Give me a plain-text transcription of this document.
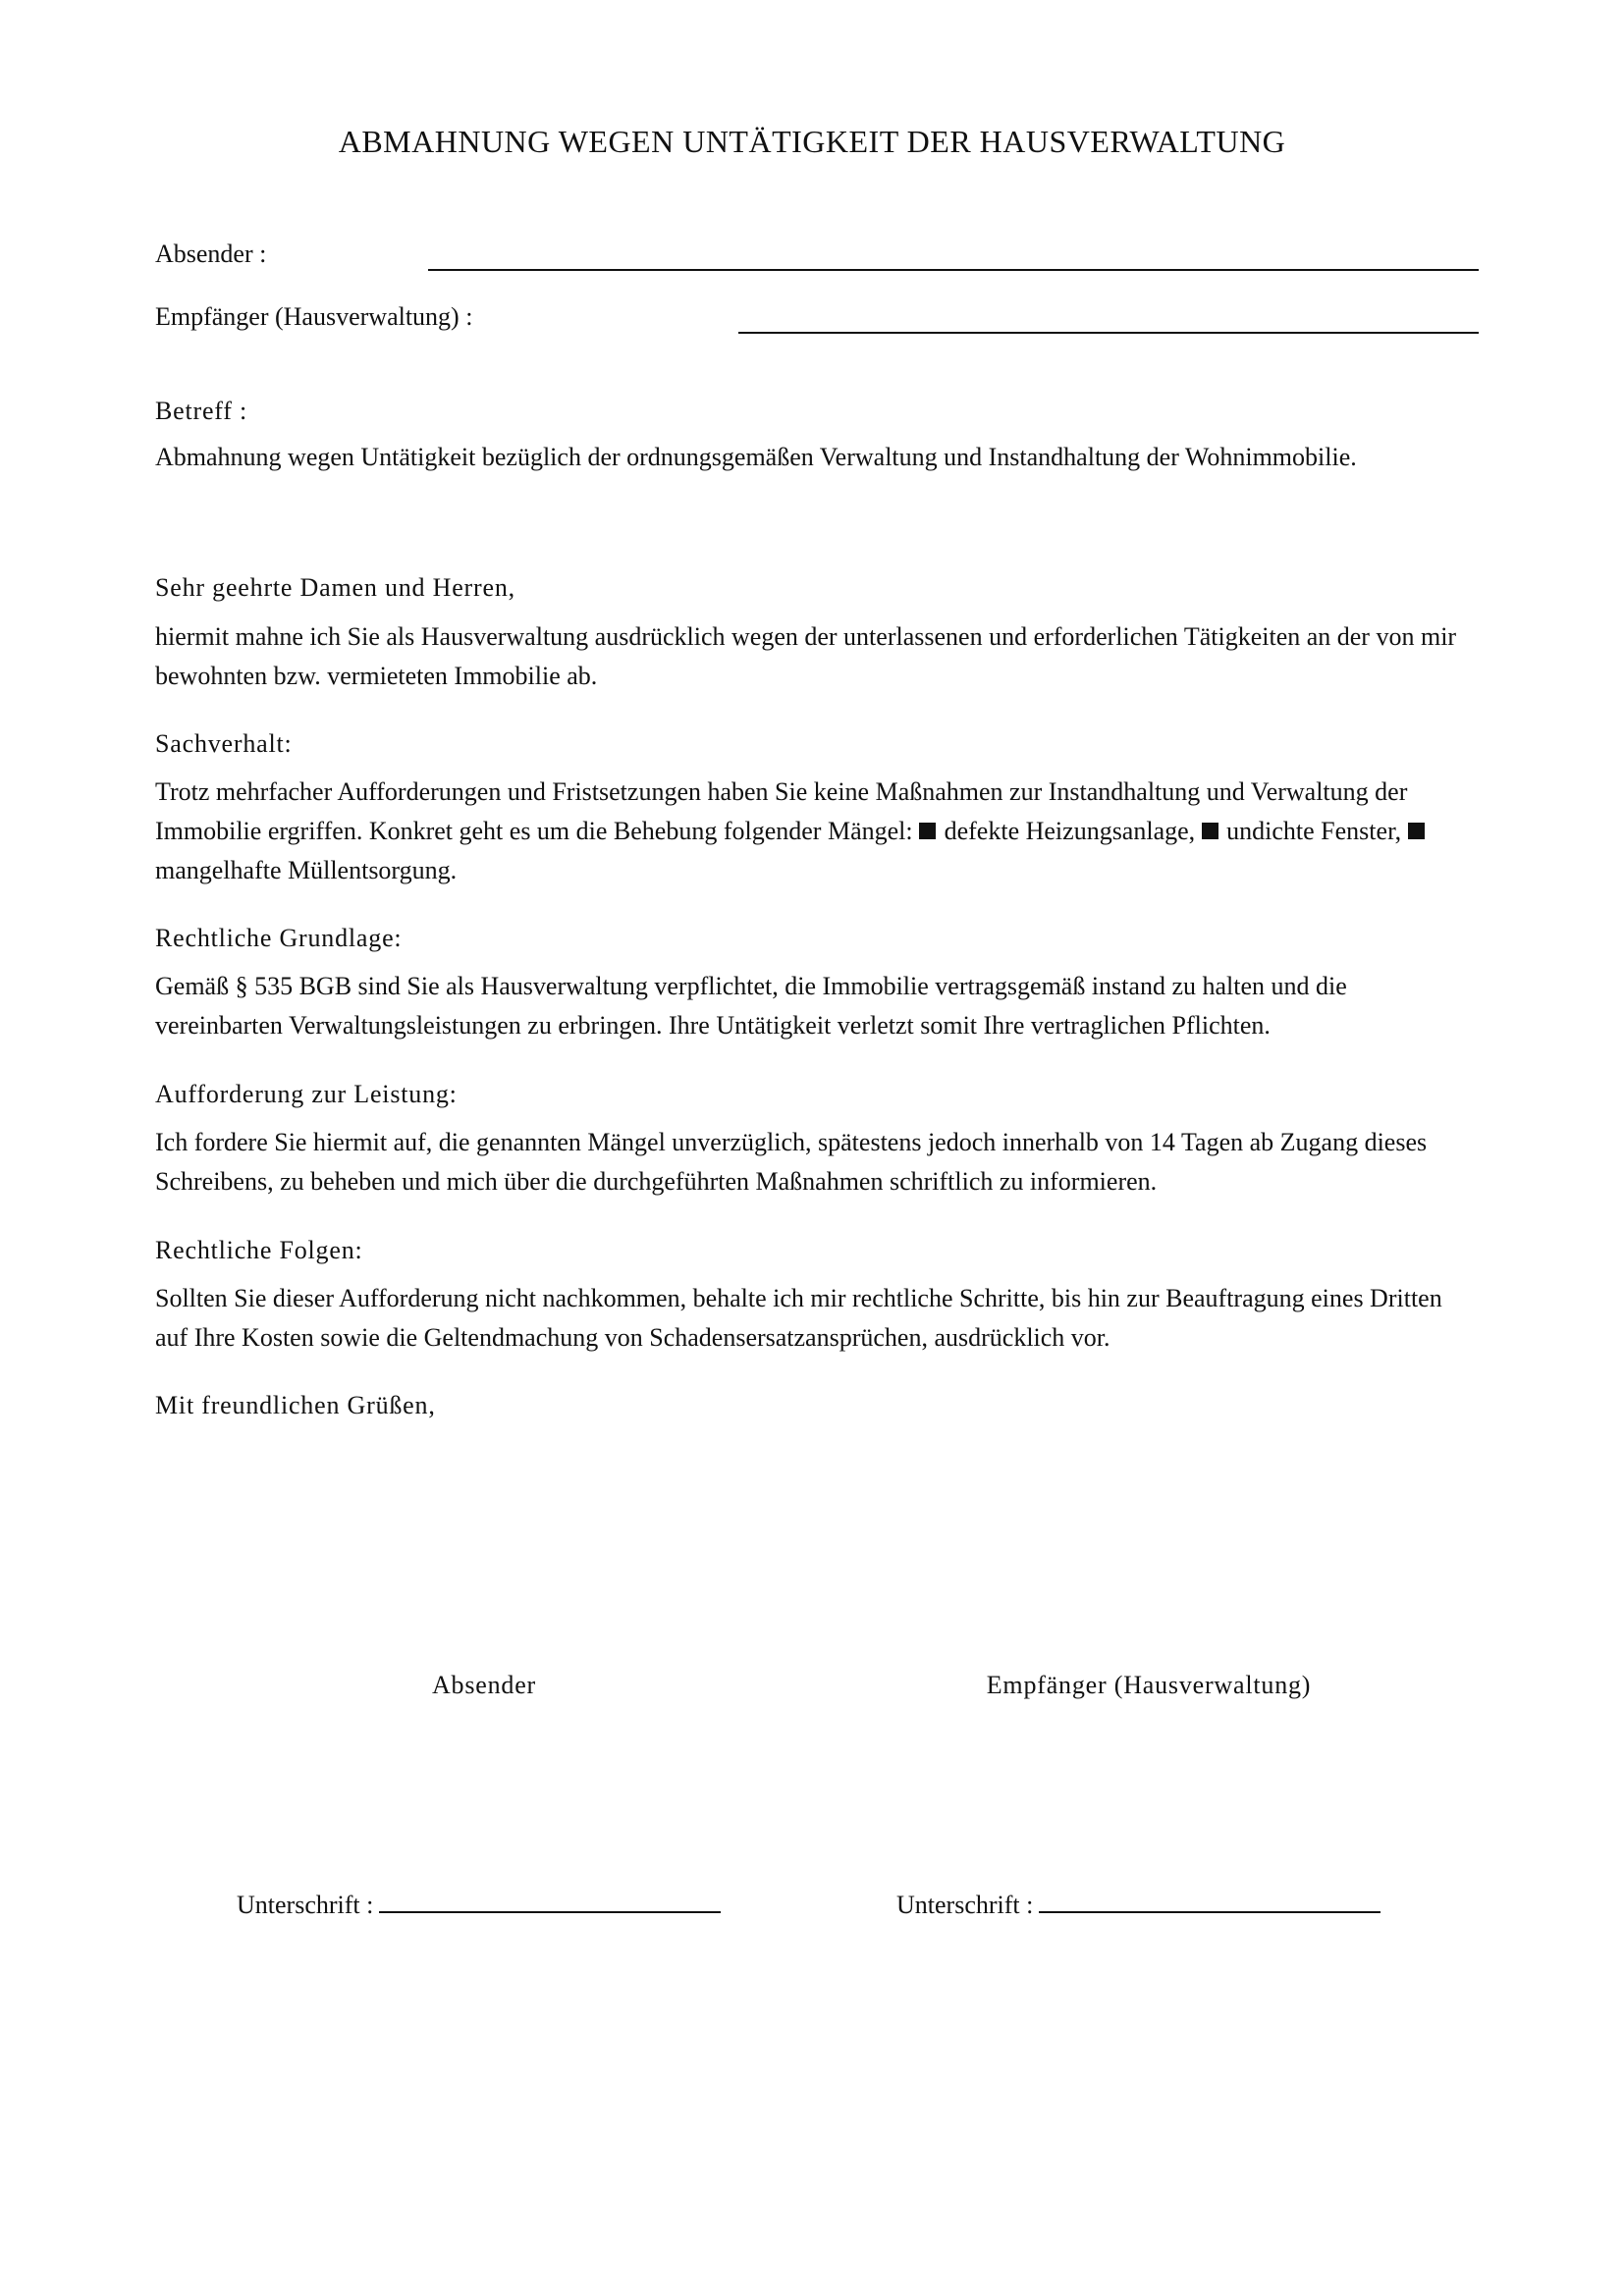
ABMAHNUNG WEGEN UNTÄTIGKEIT DER HAUSVERWALTUNG
Absender :
Empfänger (Hausverwaltung) :
Betreff :
Abmahnung wegen Untätigkeit bezüglich der ordnungsgemäßen Verwaltung und Instandhaltung der Wohnimmobilie.
Sehr geehrte Damen und Herren,
hiermit mahne ich Sie als Hausverwaltung ausdrücklich wegen der unterlassenen und erforderlichen Tätigkeiten an der von mir bewohnten bzw. vermieteten Immobilie ab.
Sachverhalt:
Trotz mehrfacher Aufforderungen und Fristsetzungen haben Sie keine Maßnahmen zur Instandhaltung und Verwaltung der Immobilie ergriffen. Konkret geht es um die Behebung folgender Mängel: defekte Heizungsanlage, undichte Fenster,  mangelhafte Müllentsorgung.
Rechtliche Grundlage:
Gemäß § 535 BGB sind Sie als Hausverwaltung verpflichtet, die Immobilie vertragsgemäß instand zu halten und die vereinbarten Verwaltungsleistungen zu erbringen. Ihre Untätigkeit verletzt somit Ihre vertraglichen Pflichten.
Aufforderung zur Leistung:
Ich fordere Sie hiermit auf, die genannten Mängel unverzüglich, spätestens jedoch innerhalb von 14 Tagen ab Zugang dieses Schreibens, zu beheben und mich über die durchgeführten Maßnahmen schriftlich zu informieren.
Rechtliche Folgen:
Sollten Sie dieser Aufforderung nicht nachkommen, behalte ich mir rechtliche Schritte, bis hin zur Beauftragung eines Dritten auf Ihre Kosten sowie die Geltendmachung von Schadensersatzansprüchen, ausdrücklich vor.
Mit freundlichen Grüßen,
Absender	Empfänger (Hausverwaltung)
Unterschrift :	Unterschrift :
